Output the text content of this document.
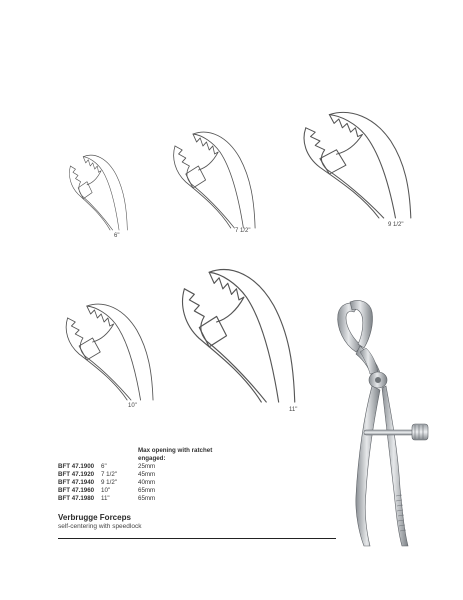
6"
7 1/2"
9 1/2"
10"
11"
Max opening with ratchet engaged:
BFT 47.1900 6"	25mm
BFT 47.1920 7 1/2"	45mm
BFT 47.1940 9 1/2"	40mm
BFT 47.1960 10"	65mm
BFT 47.1980 11"	65mm
Verbrugge Forceps
self-centering with speedlock
